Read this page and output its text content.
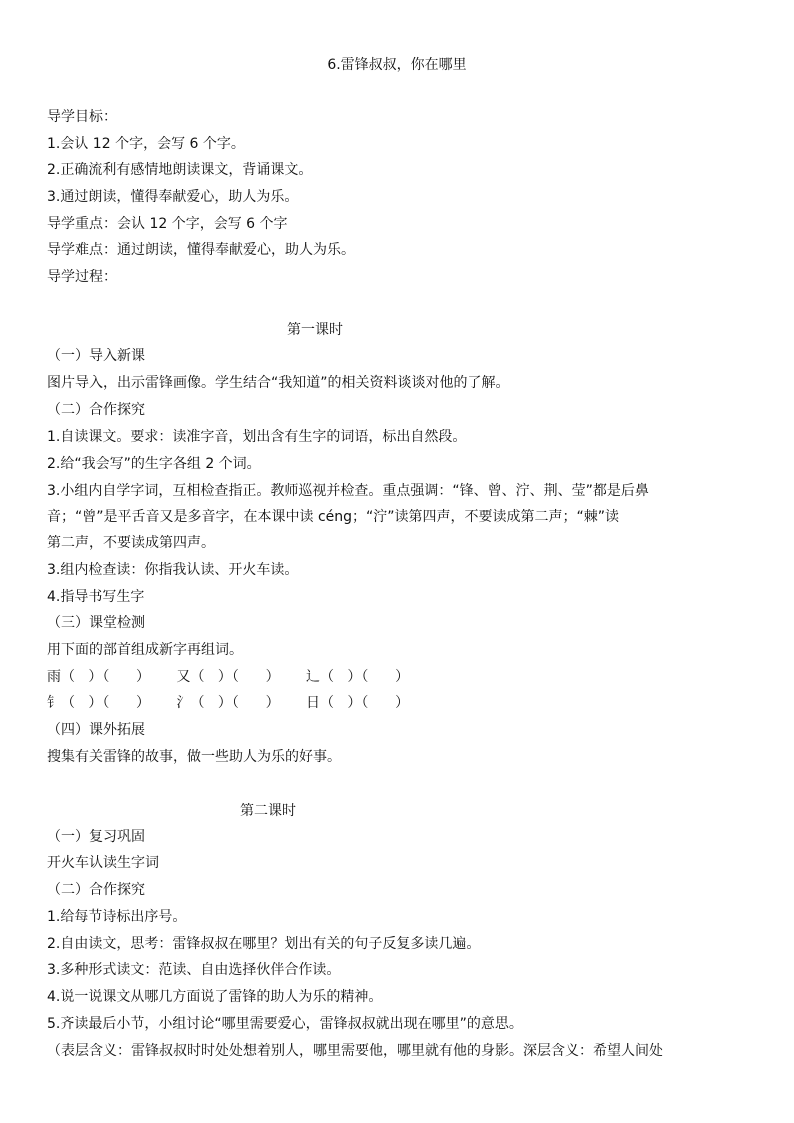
6.雷锋叔叔，你在哪里
导学目标：
1.会认 12 个字，会写 6 个字。
2.正确流利有感情地朗读课文，背诵课文。
3.通过朗读，懂得奉献爱心，助人为乐。
导学重点：会认 12 个字，会写 6 个字
导学难点：通过朗读，懂得奉献爱心，助人为乐。
导学过程：
第一课时
（一）导入新课
图片导入，出示雷锋画像。学生结合“我知道”的相关资料谈谈对他的了解。
（二）合作探究
1.自读课文。要求：读准字音，划出含有生字的词语，标出自然段。
2.给“我会写”的生字各组 2 个词。
3.小组内自学字词，互相检查指正。教师巡视并检查。重点强调：“锋、曾、泞、荆、莹”都是后鼻
音；“曾”是平舌音又是多音字，在本课中读 céng；“泞”读第四声，不要读成第二声；“棘”读
第二声，不要读成第四声。
3.组内检查读：你指我认读、开火车读。
4.指导书写生字
（三）课堂检测
用下面的部首组成新字再组词。
雨（   ）（      ） 又（   ）（      ） 辶（   ）（      ）
钅（   ）（      ） 氵（   ）（      ） 日（   ）（      ）
（四）课外拓展
搜集有关雷锋的故事，做一些助人为乐的好事。
第二课时
（一）复习巩固
开火车认读生字词
（二）合作探究
1.给每节诗标出序号。
2.自由读文，思考：雷锋叔叔在哪里？划出有关的句子反复多读几遍。
3.多种形式读文：范读、自由选择伙伴合作读。
4.说一说课文从哪几方面说了雷锋的助人为乐的精神。
5.齐读最后小节，小组讨论“哪里需要爱心，雷锋叔叔就出现在哪里”的意思。
（表层含义：雷锋叔叔时时处处想着别人，哪里需要他，哪里就有他的身影。深层含义：希望人间处
